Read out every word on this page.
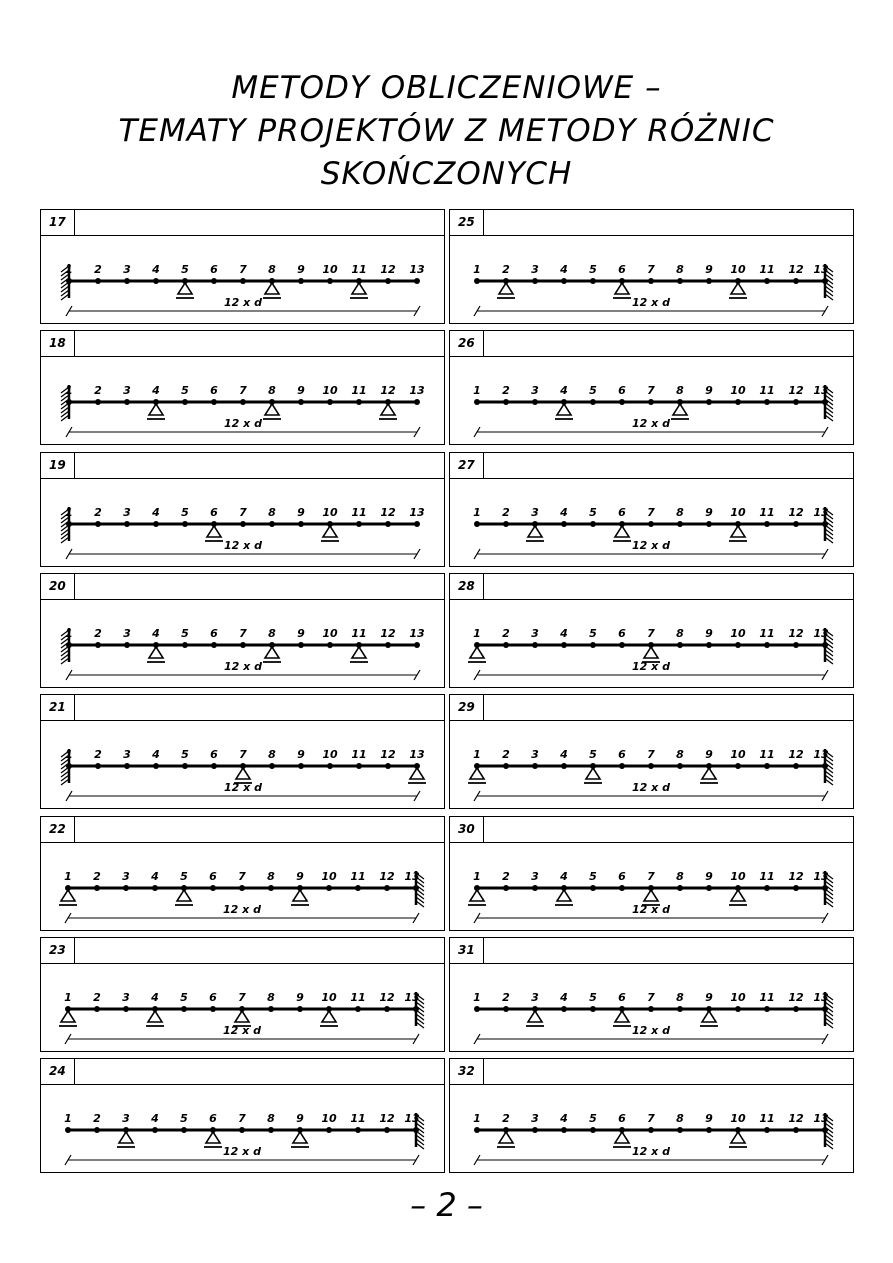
METODY OBLICZENIOWE –
TEMATY PROJEKTÓW Z METODY RÓŻNIC
SKOŃCZONYCH
17
1 2 3 4 5 6 7 8 9 10 11 12 13
12 x d
18
1 2 3 4 5 6 7 8 9 10 11 12 13
12 x d
19
1 2 3 4 5 6 7 8 9 10 11 12 13
12 x d
20
1 2 3 4 5 6 7 8 9 10 11 12 13
12 x d
21
1 2 3 4 5 6 7 8 9 10 11 12 13
12 x d
22
1 2 3 4 5 6 7 8 9 10 11 12 13
12 x d
23
1 2 3 4 5 6 7 8 9 10 11 12 13
12 x d
24
1 2 3 4 5 6 7 8 9 10 11 12 13
12 x d
25
1 2 3 4 5 6 7 8 9 10 11 12 13
12 x d
26
1 2 3 4 5 6 7 8 9 10 11 12 13
12 x d
27
1 2 3 4 5 6 7 8 9 10 11 12 13
12 x d
28
1 2 3 4 5 6 7 8 9 10 11 12 13
12 x d
29
1 2 3 4 5 6 7 8 9 10 11 12 13
12 x d
30
1 2 3 4 5 6 7 8 9 10 11 12 13
12 x d
31
1 2 3 4 5 6 7 8 9 10 11 12 13
12 x d
32
1 2 3 4 5 6 7 8 9 10 11 12 13
12 x d
– 2 –
